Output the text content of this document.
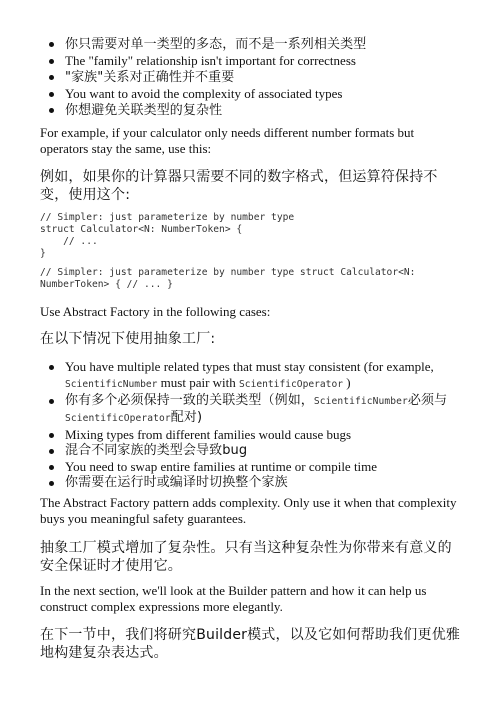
你只需要对单一类型的多态，而不是一系列相关类型
The "family" relationship isn't important for correctness
"家族"关系对正确性并不重要
You want to avoid the complexity of associated types
你想避免关联类型的复杂性
For example, if your calculator only needs different number formats but operators stay the same, use this:
例如，如果你的计算器只需要不同的数字格式，但运算符保持不变，使用这个:
// Simpler: just parameterize by number type
struct Calculator<N: NumberToken> {
// ...
}
// Simpler: just parameterize by number type struct Calculator<N:
NumberToken> { // ... }
Use Abstract Factory in the following cases:
在以下情况下使用抽象工厂:
You have multiple related types that must stay consistent (for example,
ScientificNumber must pair with ScientificOperator )
你有多个必须保持一致的关联类型（例如，ScientificNumber必须与
ScientificOperator配对)
Mixing types from different families would cause bugs
混合不同家族的类型会导致bug
You need to swap entire families at runtime or compile time
你需要在运行时或编译时切换整个家族
The Abstract Factory pattern adds complexity. Only use it when that complexity buys you meaningful safety guarantees.
抽象工厂模式增加了复杂性。只有当这种复杂性为你带来有意义的安全保证时才使用它。
In the next section, we'll look at the Builder pattern and how it can help us construct complex expressions more elegantly.
在下一节中，我们将研究Builder模式，以及它如何帮助我们更优雅地构建复杂表达式。
